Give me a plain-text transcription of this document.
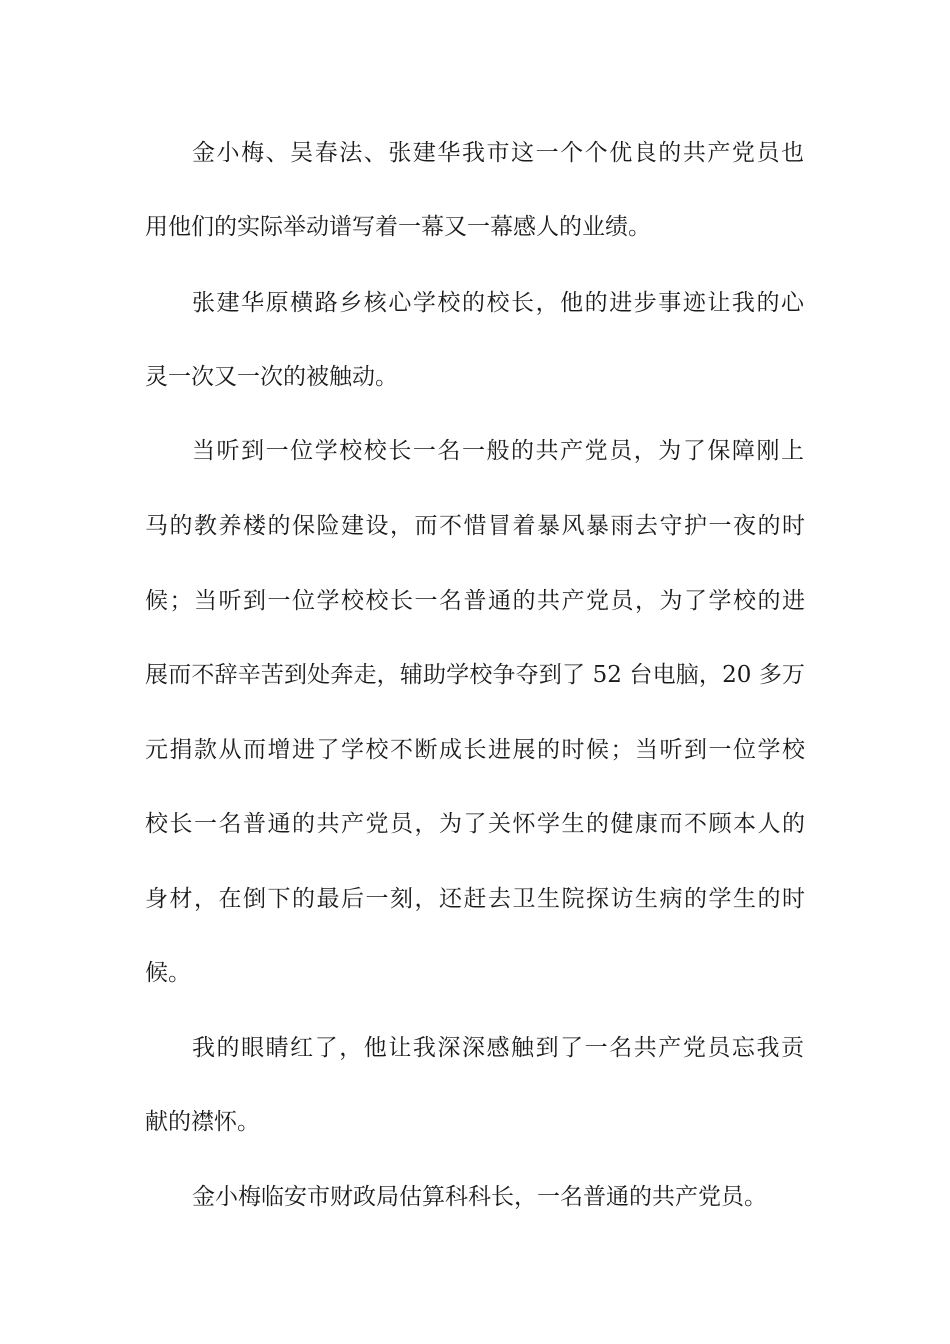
金小梅、吴春法、张建华我市这一个个优良的共产党员也
用他们的实际举动谱写着一幕又一幕感人的业绩。
张建华原横路乡核心学校的校长，他的进步事迹让我的心
灵一次又一次的被触动。
当听到一位学校校长一名一般的共产党员，为了保障刚上
马的教养楼的保险建设，而不惜冒着暴风暴雨去守护一夜的时
候；当听到一位学校校长一名普通的共产党员，为了学校的进
展而不辞辛苦到处奔走，辅助学校争夺到了 52 台电脑，20 多万
元捐款从而增进了学校不断成长进展的时候；当听到一位学校
校长一名普通的共产党员，为了关怀学生的健康而不顾本人的
身材，在倒下的最后一刻，还赶去卫生院探访生病的学生的时
候。
我的眼睛红了，他让我深深感触到了一名共产党员忘我贡
献的襟怀。
金小梅临安市财政局估算科科长，一名普通的共产党员。
